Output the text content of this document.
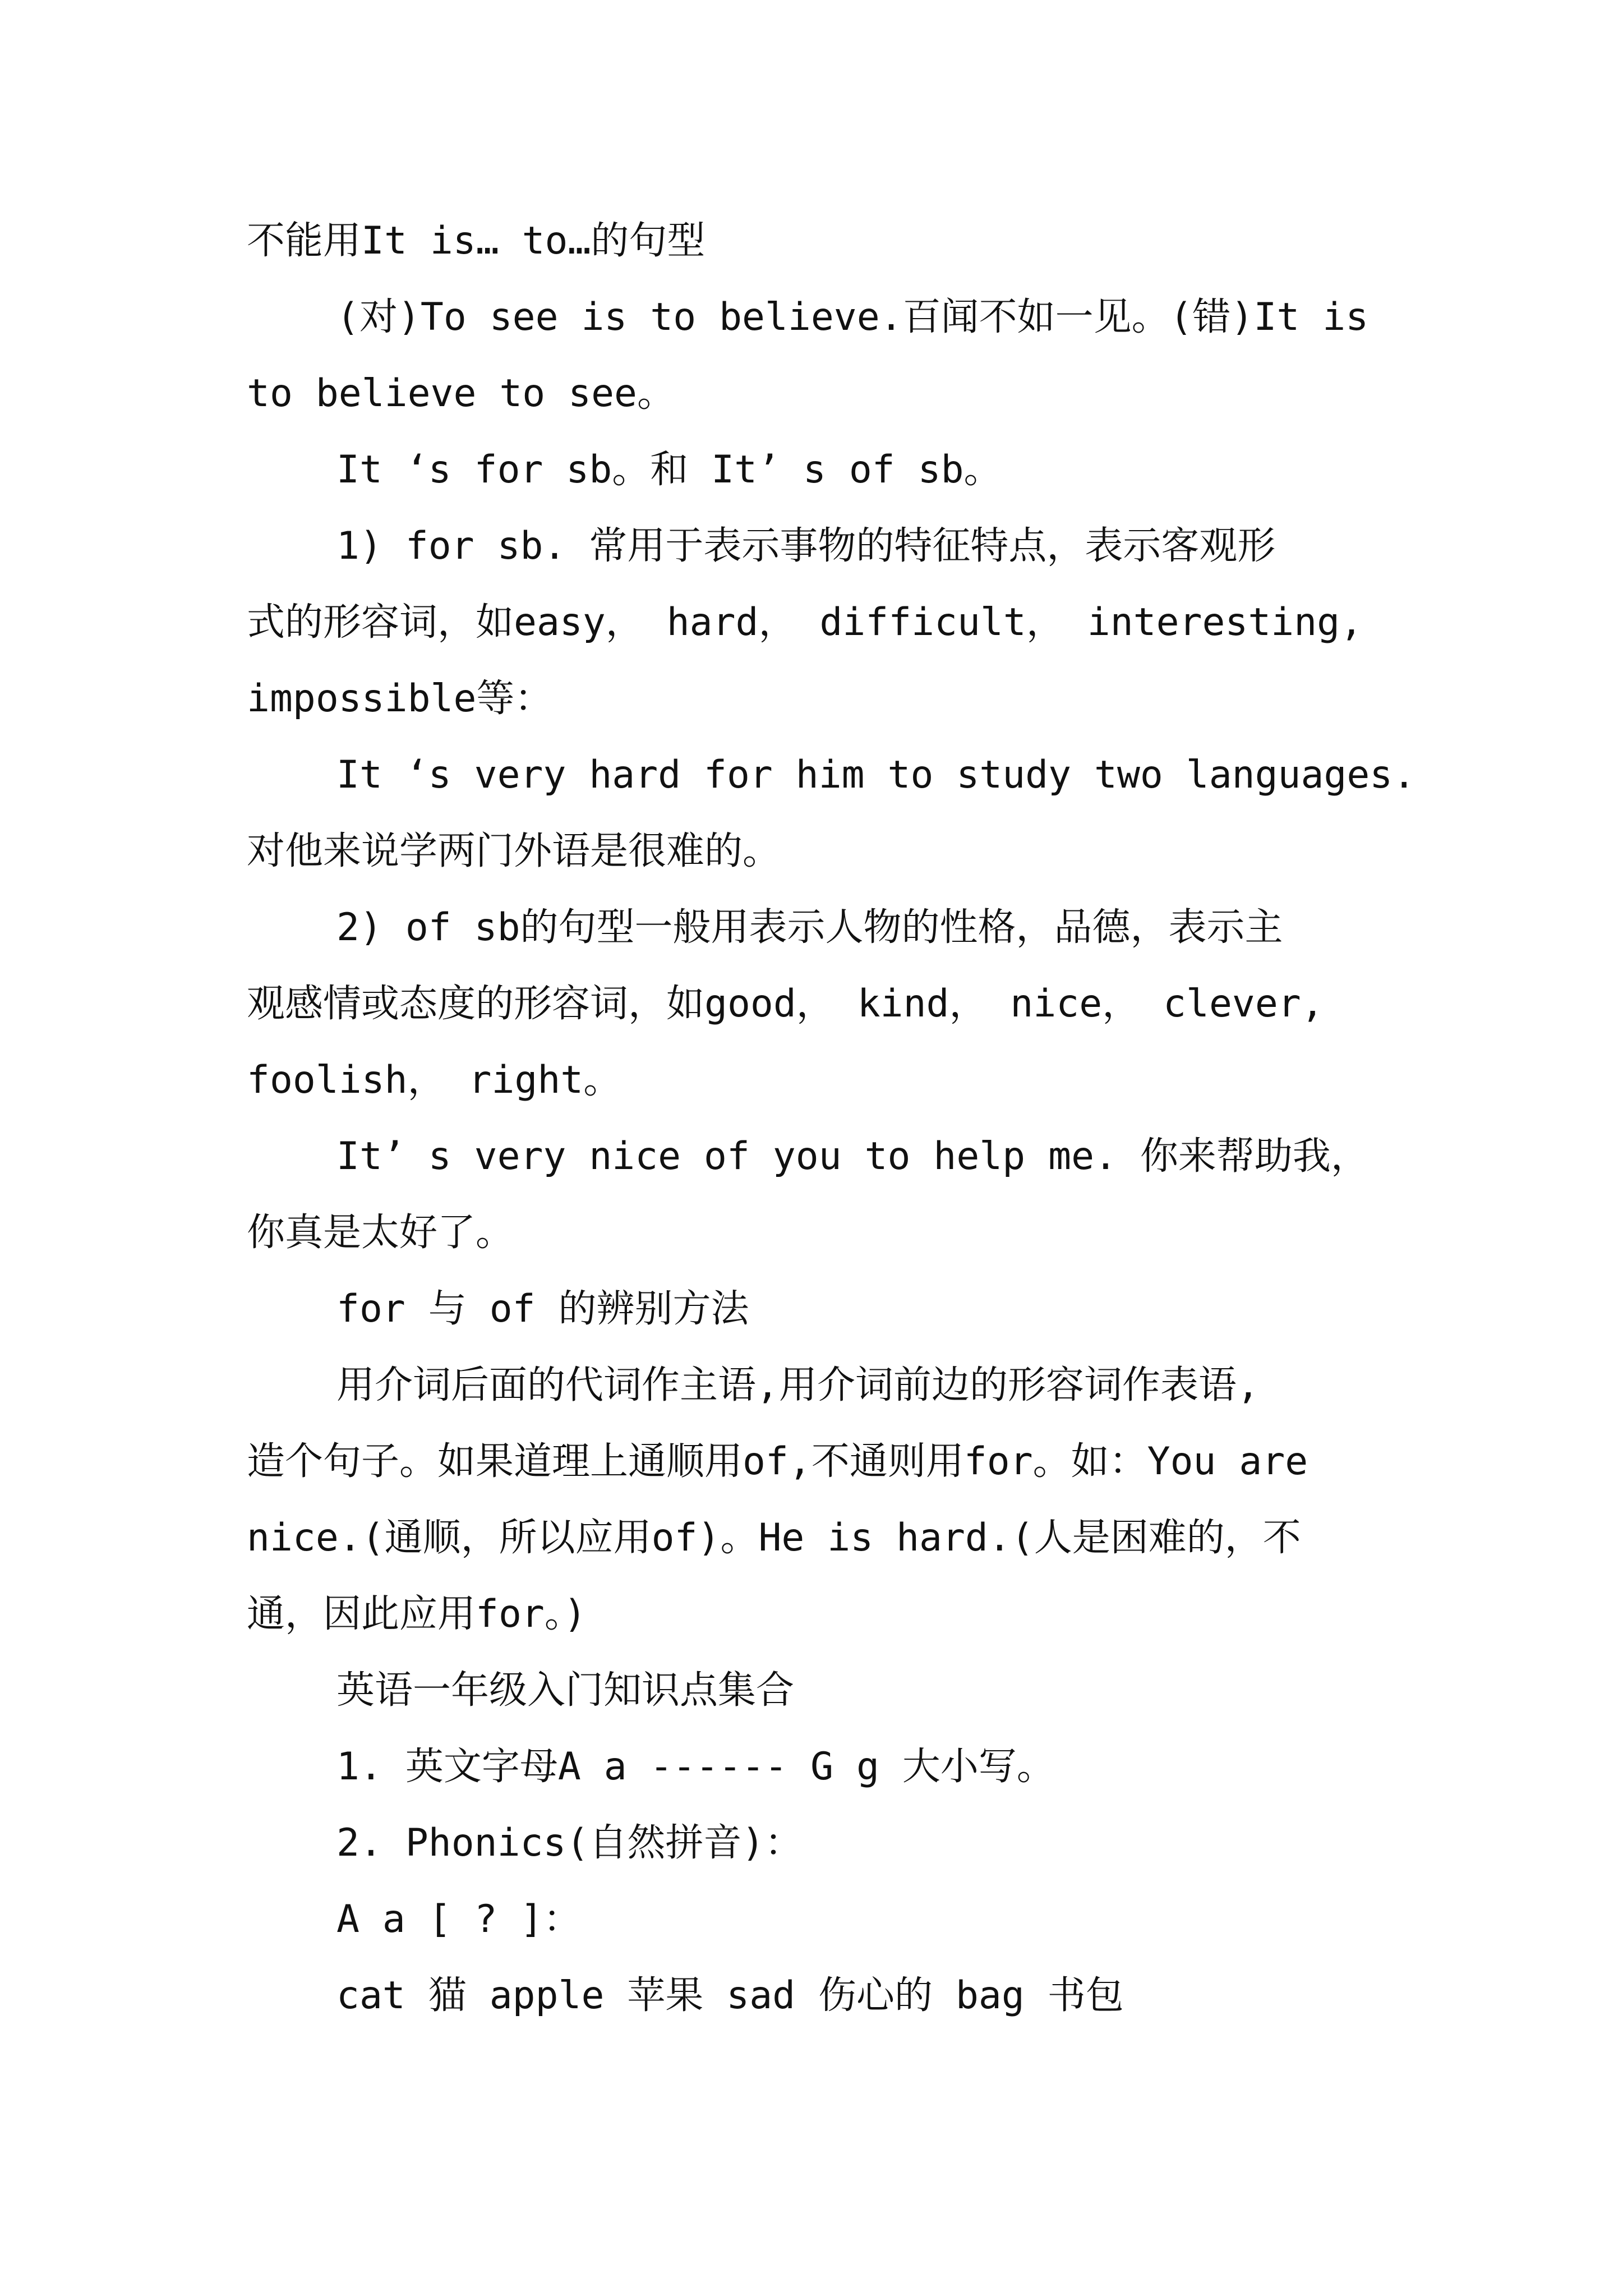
不能用It is… to…的句型
(对)To see is to believe.百闻不如一见。(错)It is
to believe to see。
It ‘s for sb。和 It’ s of sb。
1) for sb. 常用于表示事物的特征特点，表示客观形
式的形容词，如easy， hard， difficult， interesting,
impossible等：
It ‘s very hard for him to study two languages.
对他来说学两门外语是很难的。
2) of sb的句型一般用表示人物的性格，品德，表示主
观感情或态度的形容词，如good， kind， nice， clever,
foolish， right。
It’ s very nice of you to help me. 你来帮助我，
你真是太好了。
for 与 of 的辨别方法
用介词后面的代词作主语,用介词前边的形容词作表语,
造个句子。如果道理上通顺用of,不通则用for。如：You are
nice.(通顺，所以应用of)。He is hard.(人是困难的，不
通，因此应用for。)
英语一年级入门知识点集合
1. 英文字母A a ------ G g 大小写。
2. Phonics(自然拼音)：
A a [ ? ]：
cat 猫 apple 苹果 sad 伤心的 bag 书包
